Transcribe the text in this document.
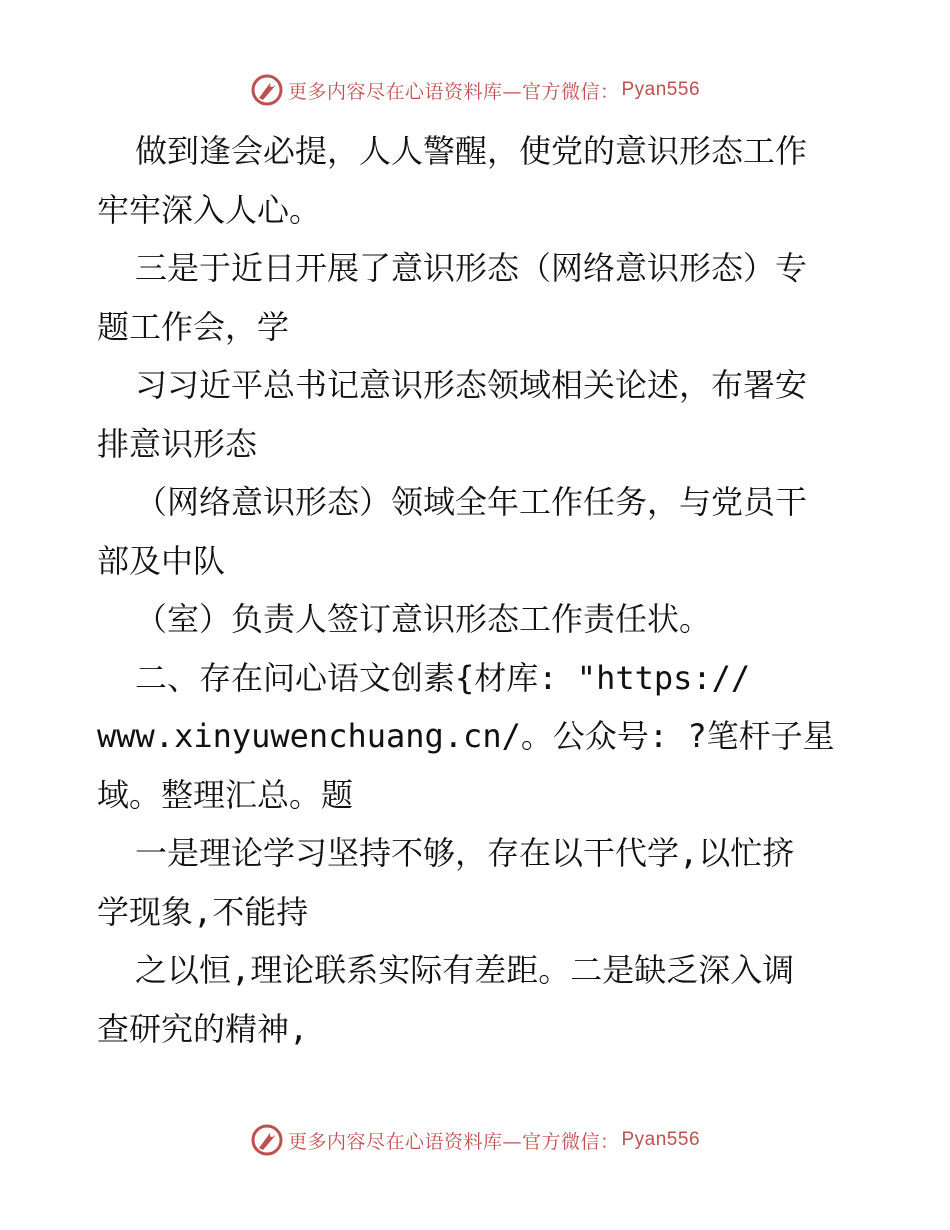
更多内容尽在心语资料库—官方微信： Pyan556
做到逢会必提，人人警醒，使党的意识形态工作
牢牢深入人心。
三是于近日开展了意识形态（网络意识形态）专
题工作会，学
习习近平总书记意识形态领域相关论述，布署安
排意识形态
（网络意识形态）领域全年工作任务，与党员干
部及中队
（室）负责人签订意识形态工作责任状。
二、存在问心语文创素{材库: "https://
www.xinyuwenchuang.cn/。公众号: ?笔杆子星
域。整理汇总。题
一是理论学习坚持不够，存在以干代学,以忙挤
学现象,不能持
之以恒,理论联系实际有差距。二是缺乏深入调
查研究的精神,
更多内容尽在心语资料库—官方微信： Pyan556
